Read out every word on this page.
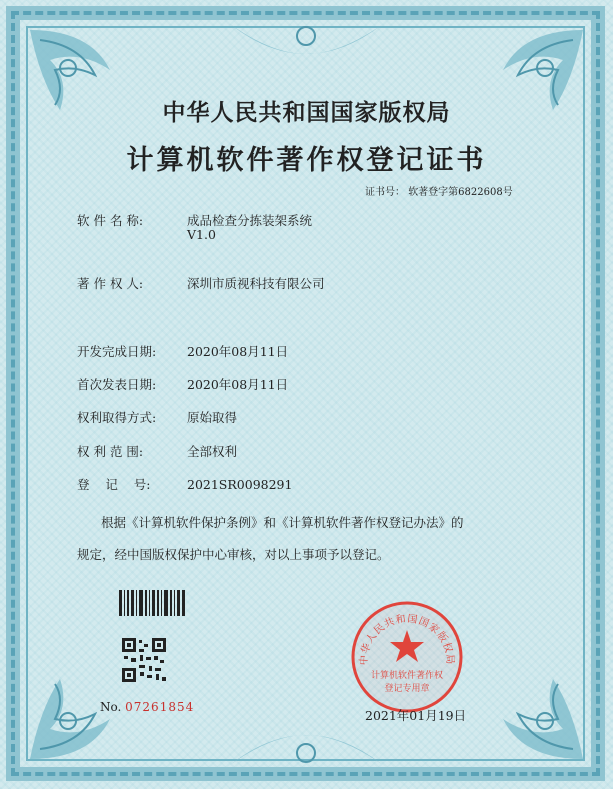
中华人民共和国国家版权局
计算机软件著作权登记证书
证书号： 软著登字第6822608号
软 件 名 称:	成品检查分拣装架系统
V1.0
著 作 权 人:	深圳市质视科技有限公司
开发完成日期: 2020年08月11日
首次发表日期: 2020年08月11日
权利取得方式: 原始取得
权 利 范 围:	全部权利
登    记    号:	2021SR0098291
根据《计算机软件保护条例》和《计算机软件著作权登记办法》的
规定，经中国版权保护中心审核，对以上事项予以登记。
No. 07261854
中华人民共和国国家版权局
计算机软件著作权
登记专用章
2021年01月19日
